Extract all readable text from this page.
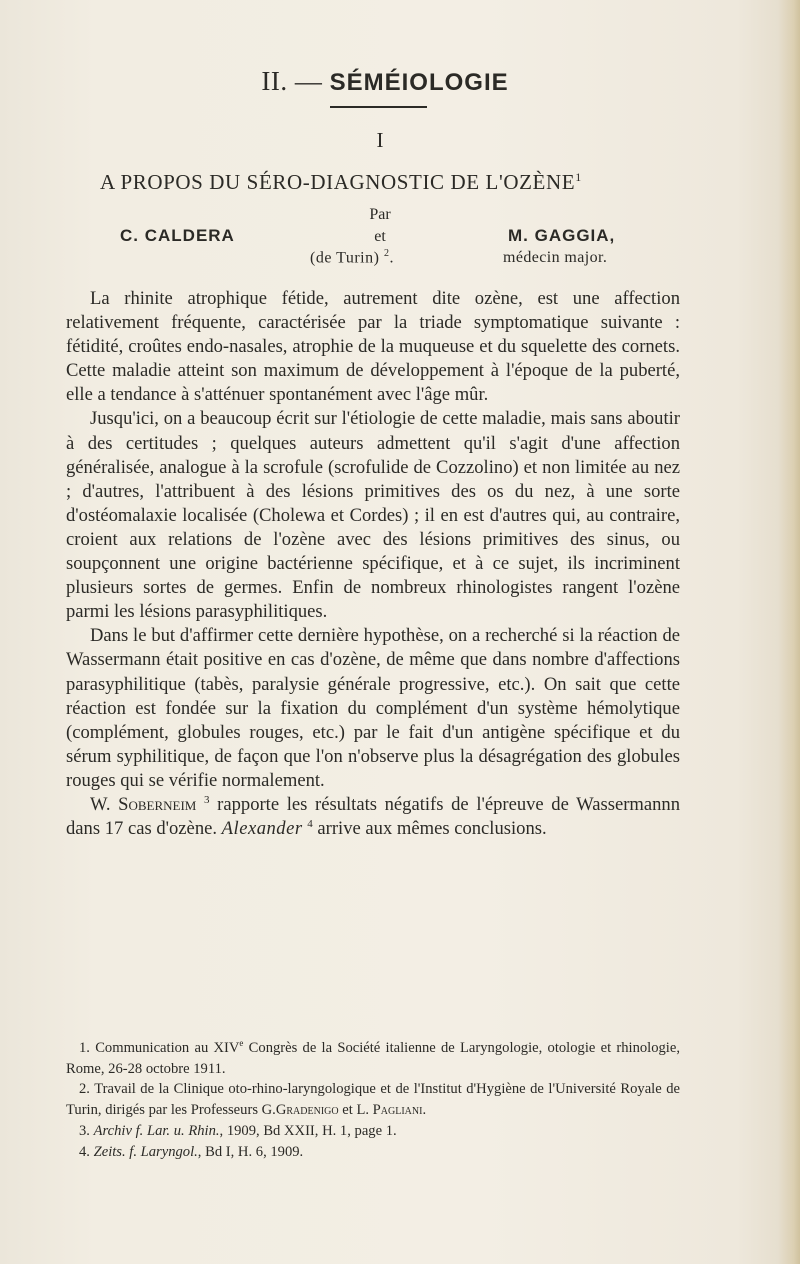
II. — SÉMÉIOLOGIE
I
A PROPOS DU SÉRO-DIAGNOSTIC DE L'OZÈNE$^1$
Par
C. CALDERA	et	M. GAGGIA,
(de Turin) $^2$.	médecin major.

La rhinite atrophique fétide, autrement dite ozène, est une affection relativement fréquente, caractérisée par la triade symptomatique suivante : fétidité, croûtes endo-nasales, atrophie de la muqueuse et du squelette des cornets. Cette maladie atteint son maximum de développement à l'époque de la puberté, elle a tendance à s'atténuer spontanément avec l'âge mûr.

Jusqu'ici, on a beaucoup écrit sur l'étiologie de cette maladie, mais sans aboutir à des certitudes ; quelques auteurs admettent qu'il s'agit d'une affection généralisée, analogue à la scrofule (scrofulide de Cozzolino) et non limitée au nez ; d'autres, l'attribuent à des lésions primitives des os du nez, à une sorte d'ostéomalaxie localisée (Cholewa et Cordes) ; il en est d'autres qui, au contraire, croient aux relations de l'ozène avec des lésions primitives des sinus, ou soupçonnent une origine bactérienne spécifique, et à ce sujet, ils incriminent plusieurs sortes de germes. Enfin de nombreux rhinologistes rangent l'ozène parmi les lésions parasyphilitiques.

Dans le but d'affirmer cette dernière hypothèse, on a recherché si la réaction de Wassermann était positive en cas d'ozène, de même que dans nombre d'affections parasyphilitique (tabès, paralysie générale progressive, etc.). On sait que cette réaction est fondée sur la fixation du complément d'un système hémolytique (complément, globules rouges, etc.) par le fait d'un antigène spécifique et du sérum syphilitique, de façon que l'on n'observe plus la désagrégation des globules rouges qui se vérifie normalement.

W. Soberneim $^3$ rapporte les résultats négatifs de l'épreuve de Wassermannn dans 17 cas d'ozène. Alexander $^4$ arrive aux mêmes conclusions.

1. Communication au XIVe Congrès de la Société italienne de Laryngologie, otologie et rhinologie, Rome, 26-28 octobre 1911.

2. Travail de la Clinique oto-rhino-laryngologique et de l'Institut d'Hygiène de l'Université Royale de Turin, dirigés par les Professeurs G.Gradenigo et L. Pagliani.

3. Archiv f. Lar. u. Rhin., 1909, Bd XXII, H. 1, page 1.

4. Zeits. f. Laryngol., Bd I, H. 6, 1909.
